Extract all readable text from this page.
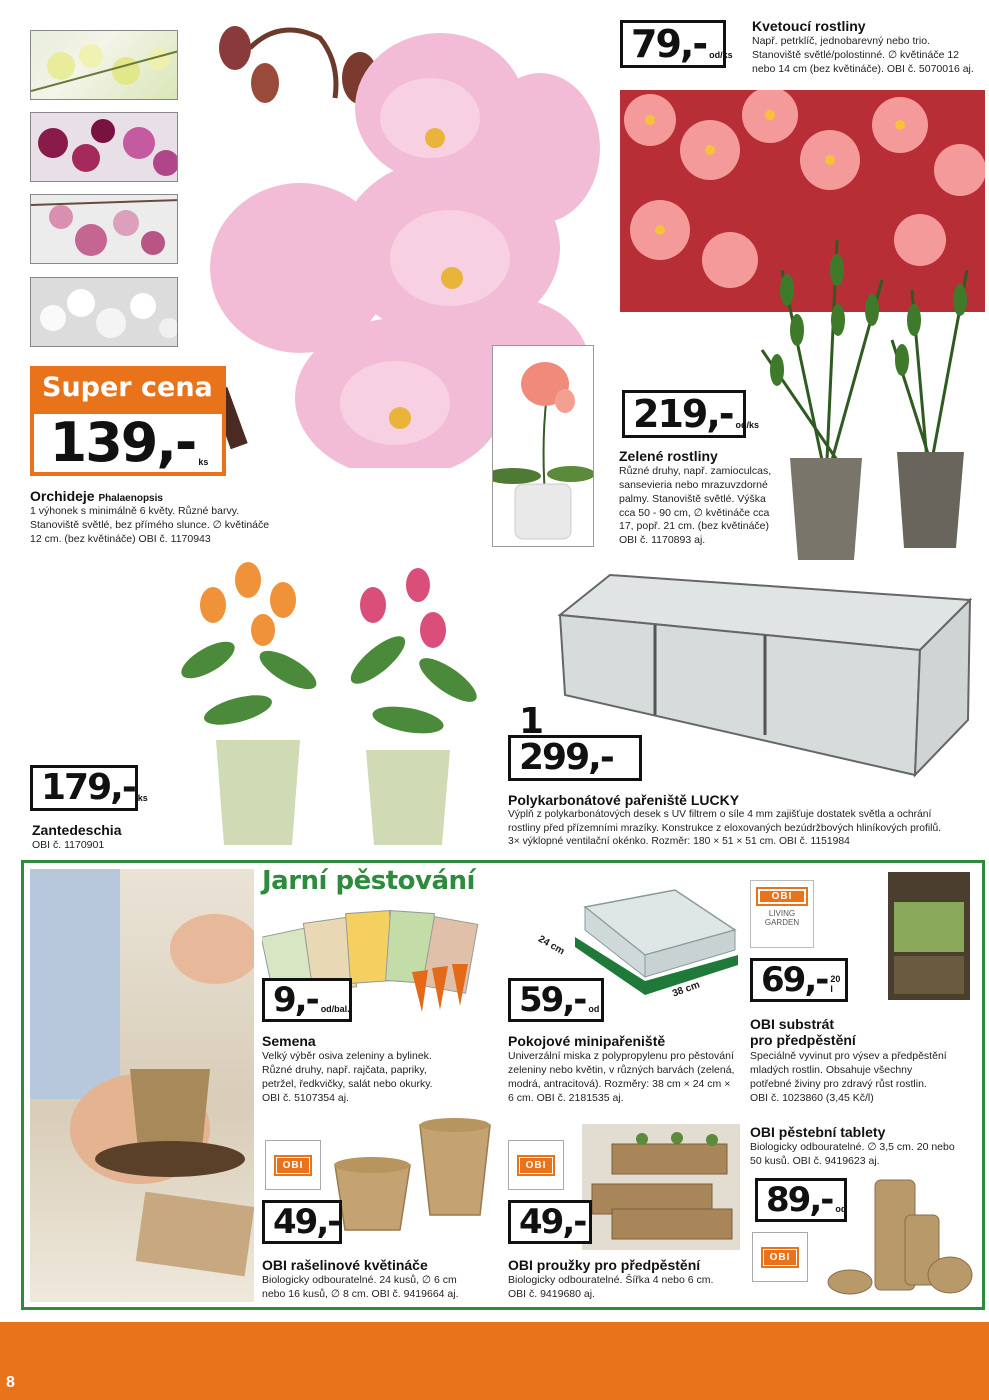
Super cena
139,- ks
Orchideje Phalaenopsis
1 výhonek s minimálně 6 květy. Různé barvy.
Stanoviště světlé, bez přímého slunce. ∅ květináče
12 cm. (bez květináče) OBI č. 1170943
79,- od/ks
Kvetoucí rostliny
Např. petrklíč, jednobarevný nebo trio.
Stanoviště světlé/polostinné. ∅ květináče 12
nebo 14 cm (bez květináče). OBI č. 5070016 aj.
219,- od/ks
Zelené rostliny
Různé druhy, např. zamioculcas,
sansevieria nebo mrazuvzdorné
palmy. Stanoviště světlé. Výška
cca 50 - 90 cm, ∅ květináče cca
17, popř. 21 cm. (bez květináče)
OBI č. 1170893 aj.
179,- ks
Zantedeschia
OBI č. 1170901
1 299,-
Polykarbonátové pařeniště LUCKY
Výplň z polykarbonátových desek s UV filtrem o síle 4 mm zajišťuje dostatek světla a ochrání
rostliny před přízemními mrazíky. Konstrukce z eloxovaných bezúdržbových hliníkových profilů.
3× výklopné ventilační okénko. Rozměr: 180 × 51 × 51 cm. OBI č. 1151984
Jarní pěstování
9,- od/bal.
Semena
Velký výběr osiva zeleniny a bylinek.
Různé druhy, např. rajčata, papriky,
petržel, ředkvičky, salát nebo okurky.
OBI č. 5107354 aj.
24 cm
38 cm
59,- od
Pokojové minipařeniště
Univerzální miska z polypropylenu pro pěstování
zeleniny nebo květin, v různých barvách (zelená,
modrá, antracitová). Rozměry: 38 cm × 24 cm ×
6 cm. OBI č. 2181535 aj.
OBI
LIVING
GARDEN
69,- 20 l
OBI substrát
pro předpěstění
Speciálně vyvinut pro výsev a předpěstění
mladých rostlin. Obsahuje všechny
potřebné živiny pro zdravý růst rostlin.
OBI č. 1023860 (3,45 Kč/l)
OBI pěstební tablety
Biologicky odbouratelné. ∅ 3,5 cm. 20 nebo
50 kusů. OBI č. 9419623 aj.
89,- od
OBI
OBI
49,-
OBI rašelinové květináče
Biologicky odbouratelné. 24 kusů, ∅ 6 cm
nebo 16 kusů, ∅ 8 cm. OBI č. 9419664 aj.
OBI
49,-
OBI proužky pro předpěstění
Biologicky odbouratelné. Šířka 4 nebo 6 cm.
OBI č. 9419680 aj.
8
